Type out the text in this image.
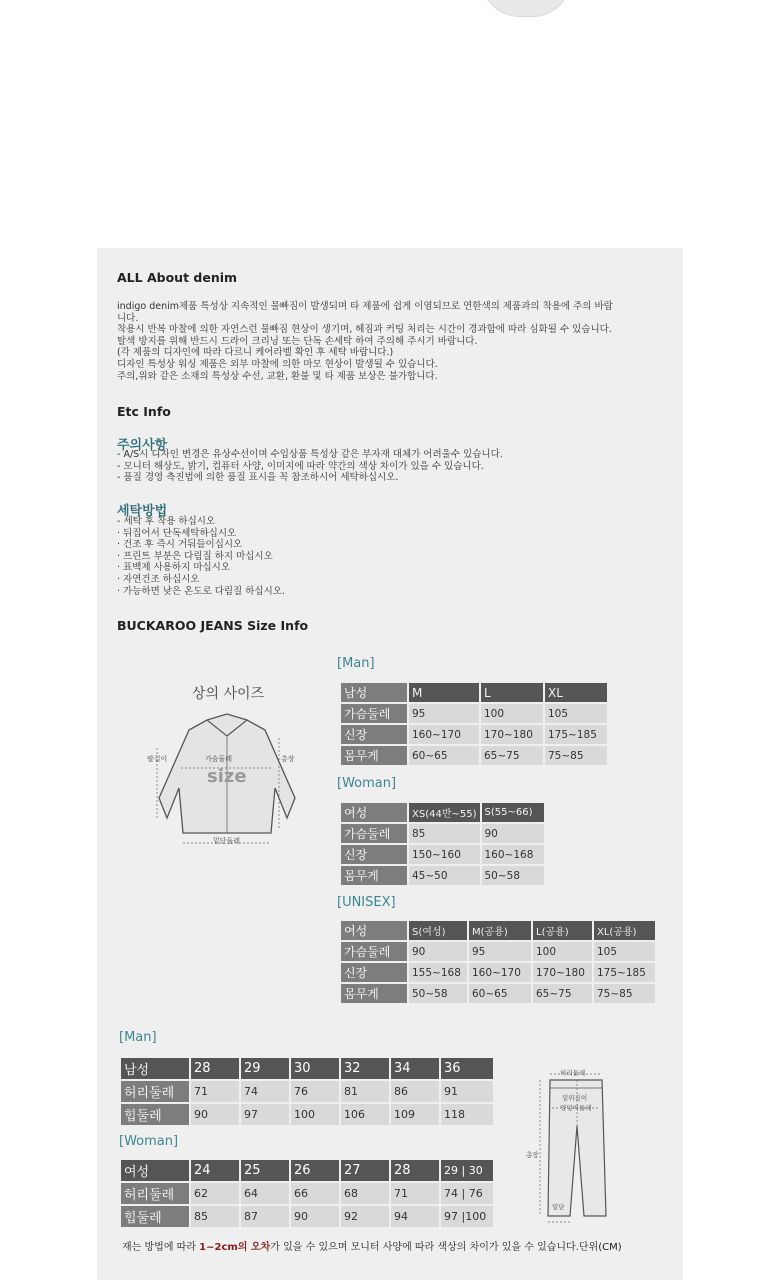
ALL About denim
indigo denim제품 특성상 지속적인 물빠짐이 발생되며 타 제품에 쉽게 이염되므로 연한색의 제품과의 착용에 주의 바랍
니다.
착용시 반복 마찰에 의한 자연스런 물빠짐 현상이 생기며, 헤짐과 커팅 처리는 시간이 경과함에 따라 심화될 수 있습니다.
탈색 방지를 위해 반드시 드라이 크리닝 또는 단독 손세탁 하여 주의해 주시기 바랍니다.
(각 제품의 디자인에 따라 다르니 케어라벨 확인 후 세탁 바랍니다.)
디자인 특성상 워싱 제품은 외부 마찰에 의한 마모 현상이 발생될 수 있습니다.
주의,위와 같은 소재의 특성상 수선, 교환, 환불 및 타 제품 보상은 불가합니다.
Etc Info
주의사항
- A/S시 디자인 변경은 유상수선이며 수입상품 특성상 같은 부자재 대체가 어려울수 있습니다.
- 모니터 해상도, 밝기, 컴퓨터 사양, 이미지에 따라 약간의 색상 차이가 있을 수 있습니다.
- 품질 경영 측진법에 의한 품질 표시을 꼭 참조하시어 세탁하십시오.
세탁방법
- 세탁 후 착용 하십시오
· 뒤집어서 단독세탁하십시오
· 건조 후 즉시 거둬들이십시오
· 프린트 부분은 다림질 하지 마십시오
· 표백제 사용하지 마십시오
· 자연건조 하십시오
· 가능하면 낮은 온도로 다림질 하십시오.
BUCKAROO JEANS Size Info
상의 사이즈
size
가슴둘레	총장
팔길이
밑단둘레
[Man]
남성	M	L	XL
가슴둘레	95	100	105
신장	160~170	170~180	175~185
몸무게	60~65	65~75	75~85
[Woman]
여성	XS(44반~55)	S(55~66)
가슴둘레	85	90
신장	150~160	160~168
몸무게	45~50	50~58
[UNISEX]
여성	S(여성)	M(공용)	L(공용)	XL(공용)
가슴둘레	90	95	100	105
신장	155~168	160~170	170~180	175~185
몸무게	50~58	60~65	65~75	75~85
[Man]
남성	28	29	30	32	34	36
허리둘레	71	74	76	81	86	91
힙둘레	90	97	100	106	109	118
[Woman]
여성	24	25	26	27	28	29 | 30
허리둘레	62	64	66	68	71	74 | 76
힙둘레	85	87	90	92	94	97 |100
허리둘레
밑위길이
엉덩이둘레
총장
밑단
재는 방법에 따라 1~2cm의 오차가 있을 수 있으며 모니터 사양에 따라 색상의 차이가 있을 수 있습니다.단위(CM)
